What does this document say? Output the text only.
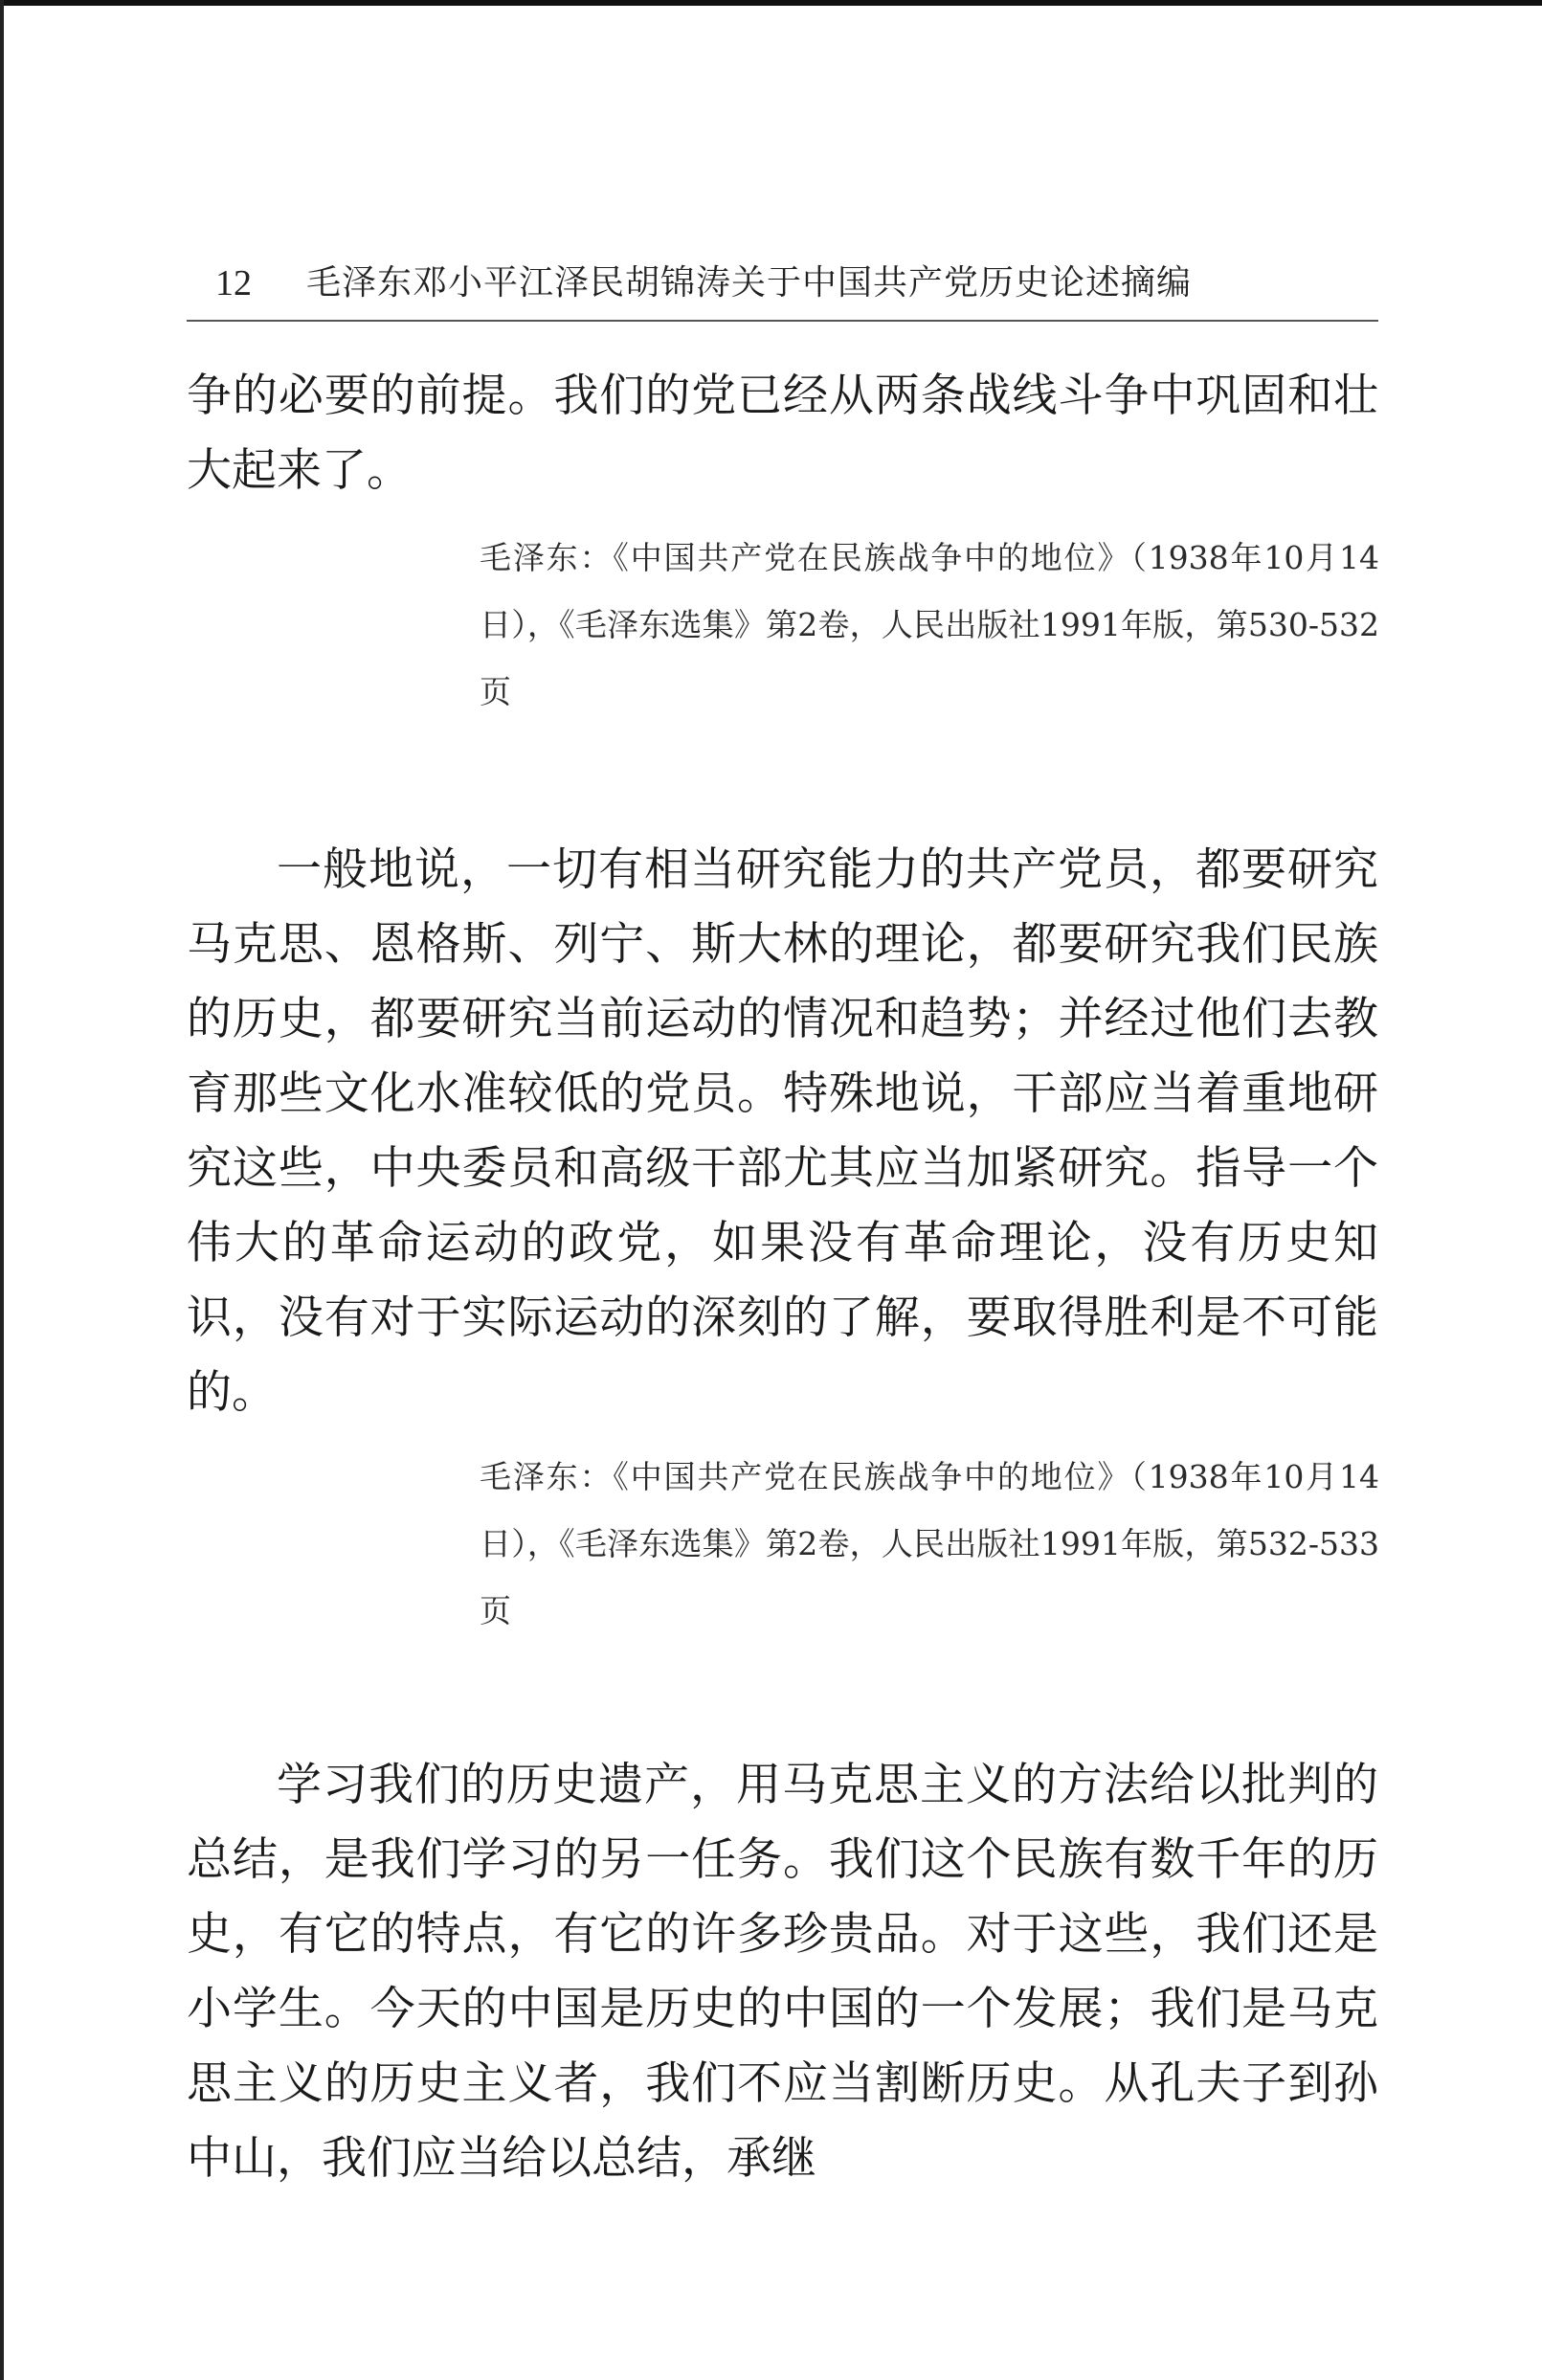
12 毛泽东邓小平江泽民胡锦涛关于中国共产党历史论述摘编

争的必要的前提。我们的党已经从两条战线斗争中巩固和壮大起来了。

毛泽东：《中国共产党在民族战争中的地位》（1938年10月14日），《毛泽东选集》第2卷，人民出版社1991年版，第530-532页

一般地说，一切有相当研究能力的共产党员，都要研究马克思、恩格斯、列宁、斯大林的理论，都要研究我们民族的历史，都要研究当前运动的情况和趋势；并经过他们去教育那些文化水准较低的党员。特殊地说，干部应当着重地研究这些，中央委员和高级干部尤其应当加紧研究。指导一个伟大的革命运动的政党，如果没有革命理论，没有历史知识，没有对于实际运动的深刻的了解，要取得胜利是不可能的。

毛泽东：《中国共产党在民族战争中的地位》（1938年10月14日），《毛泽东选集》第2卷，人民出版社1991年版，第532-533页

学习我们的历史遗产，用马克思主义的方法给以批判的总结，是我们学习的另一任务。我们这个民族有数千年的历史，有它的特点，有它的许多珍贵品。对于这些，我们还是小学生。今天的中国是历史的中国的一个发展；我们是马克思主义的历史主义者，我们不应当割断历史。从孔夫子到孙中山，我们应当给以总结，承继
